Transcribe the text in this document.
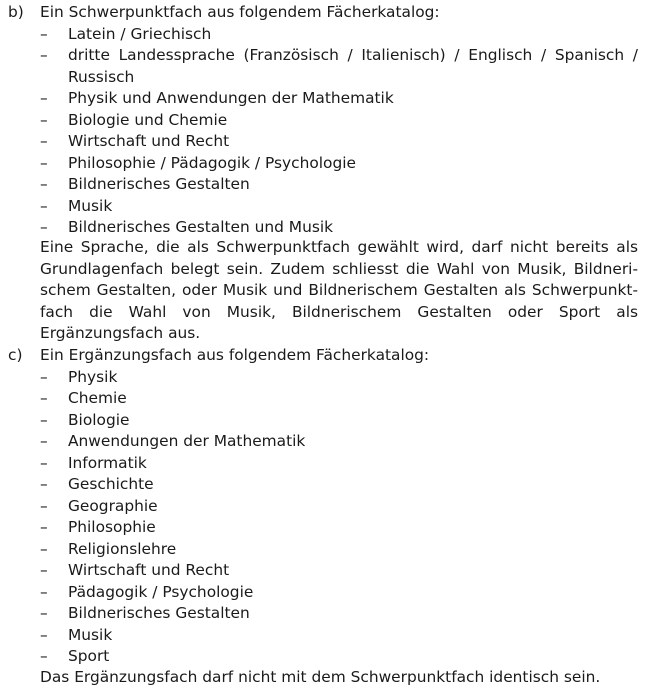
b) Ein Schwerpunktfach aus folgendem Fächerkatalog:
– Latein / Griechisch
– dritte Landessprache (Französisch / Italienisch) / Englisch / Spanisch / Russisch
– Physik und Anwendungen der Mathematik
– Biologie und Chemie
– Wirtschaft und Recht
– Philosophie / Pädagogik / Psychologie
– Bildnerisches Gestalten
– Musik
– Bildnerisches Gestalten und Musik

Eine Sprache, die als Schwerpunktfach gewählt wird, darf nicht bereits als Grundlagenfach belegt sein. Zudem schliesst die Wahl von Musik, Bildnerischem Gestalten, oder Musik und Bildnerischem Gestalten als Schwerpunktfach die Wahl von Musik, Bildnerischem Gestalten oder Sport als Ergänzungsfach aus.

c) Ein Ergänzungsfach aus folgendem Fächerkatalog:
– Physik
– Chemie
– Biologie
– Anwendungen der Mathematik
– Informatik
– Geschichte
– Geographie
– Philosophie
– Religionslehre
– Wirtschaft und Recht
– Pädagogik / Psychologie
– Bildnerisches Gestalten
– Musik
– Sport

Das Ergänzungsfach darf nicht mit dem Schwerpunktfach identisch sein.
